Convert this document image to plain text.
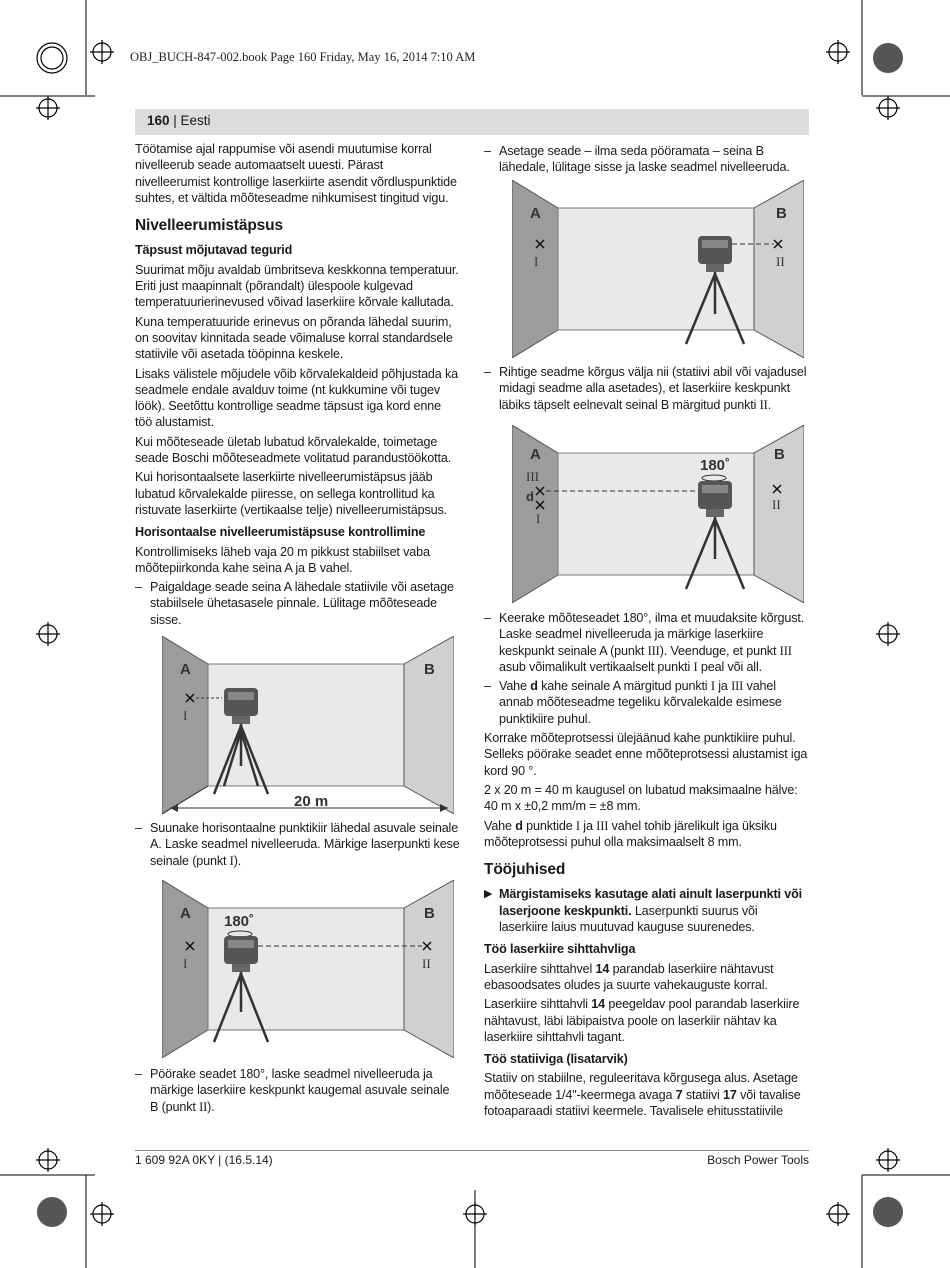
OBJ_BUCH-847-002.book Page 160 Friday, May 16, 2014 7:10 AM
160 | Eesti

Töötamise ajal rappumise või asendi muutumise korral nivelleerub seade automaatselt uuesti. Pärast nivelleerumist kontrollige laserkiirte asendit võrdluspunktide suhtes, et vältida mõõteseadme nihkumisest tingitud vigu.

Nivelleerumistäpsus
Täpsust mõjutavad tegurid

Suurimat mõju avaldab ümbritseva keskkonna temperatuur. Eriti just maapinnalt (põrandalt) ülespoole kulgevad temperatuurierinevused võivad laserkiire kõrvale kallutada.

Kuna temperatuuride erinevus on põranda lähedal suurim, on soovitav kinnitada seade võimaluse korral standardsele statiivile või asetada tööpinna keskele.

Lisaks välistele mõjudele võib kõrvalekaldeid põhjustada ka seadmele endale avalduv toime (nt kukkumine või tugev löök). Seetõttu kontrollige seadme täpsust iga kord enne töö alustamist.

Kui mõõteseade ületab lubatud kõrvalekalde, toimetage seade Boschi mõõteseadmete volitatud parandustöökotta.

Kui horisontaalsete laserkiirte nivelleerumistäpsus jääb lubatud kõrvalekalde piiresse, on sellega kontrollitud ka ristuvate laserkiirte (vertikaalse telje) nivelleerumistäpsus.

Horisontaalse nivelleerumistäpsuse kontrollimine

Kontrollimiseks läheb vaja 20 m pikkust stabiilset vaba mõõtepiirkonda kahe seina A ja B vahel.

– Paigaldage seade seina A lähedale statiivile või asetage stabiilsele ühetasasele pinnale. Lülitage mõõteseade sisse.
A	B
I
20 m
– Suunake horisontaalne punktikiir lähedal asuvale seinale A. Laske seadmel nivelleeruda. Märkige laserpunkti kese seinale (punkt I).
A	B
180˚
I	II
– Pöörake seadet 180°, laske seadmel nivelleeruda ja märkige laserkiire keskpunkt kaugemal asuvale seinale B (punkt II).
– Asetage seade – ilma seda pööramata – seina B lähedale, lülitage sisse ja laske seadmel nivelleeruda.
A	B
I	II
– Rihtige seadme kõrgus välja nii (statiivi abil või vajadusel midagi seadme alla asetades), et laserkiire keskpunkt läbiks täpselt eelnevalt seinal B märgitud punkti II.
A	B
180˚
III
d
I
II
– Keerake mõõteseadet 180°, ilma et muudaksite kõrgust. Laske seadmel nivelleeruda ja märkige laserkiire keskpunkt seinale A (punkt III). Veenduge, et punkt III asub võimalikult vertikaalselt punkti I peal või all.
– Vahe d kahe seinale A märgitud punkti I ja III vahel annab mõõteseadme tegeliku kõrvalekalde esimese punktikiire puhul.

Korrake mõõteprotsessi ülejäänud kahe punktikiire puhul. Selleks pöörake seadet enne mõõteprotsessi alustamist iga kord 90 °.

2 x 20 m = 40 m kaugusel on lubatud maksimaalne hälve:
40 m x ±0,2 mm/m = ±8 mm.

Vahe d punktide I ja III vahel tohib järelikult iga üksiku mõõteprotsessi puhul olla maksimaalselt 8 mm.

Tööjuhised
▶ Märgistamiseks kasutage alati ainult laserpunkti või laserjoone keskpunkti. Laserpunkti suurus või laserkiire laius muutuvad kauguse suurenedes.
Töö laserkiire sihttahvliga

Laserkiire sihttahvel 14 parandab laserkiire nähtavust ebasoodsates oludes ja suurte vahekauguste korral.

Laserkiire sihttahvli 14 peegeldav pool parandab laserkiire nähtavust, läbi läbipaistva poole on laserkiir nähtav ka laserkiire sihttahvli tagant.

Töö statiiviga (lisatarvik)

Statiiv on stabiilne, reguleeritava kõrgusega alus. Asetage mõõteseade 1/4"-keermega avaga 7 statiivi 17 või tavalise fotoaparaadi statiivi keermele. Tavalisele ehitusstatiivile

1 609 92A 0KY | (16.5.14)	Bosch Power Tools
